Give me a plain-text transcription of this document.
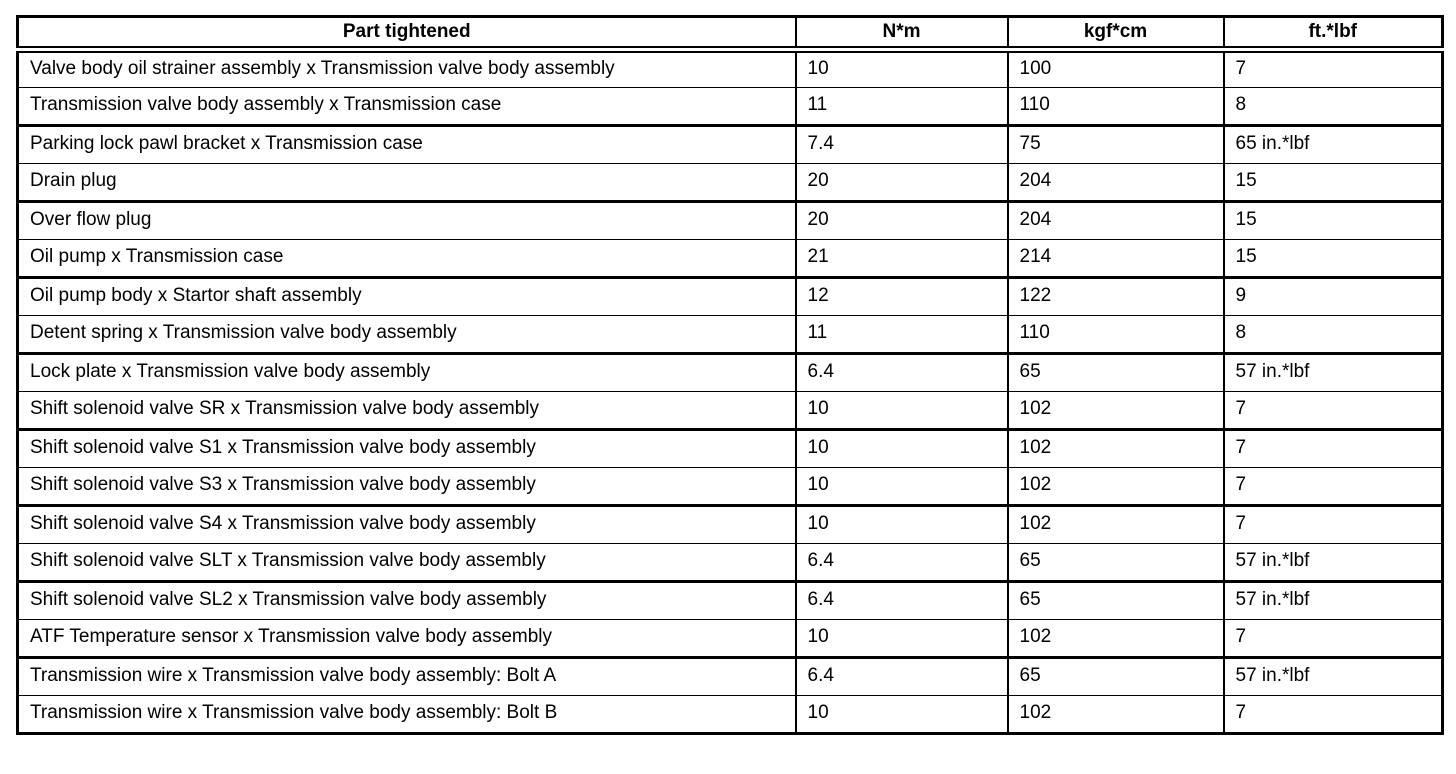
Part tightened	N*m	kgf*cm	ft.*lbf
Valve body oil strainer assembly x Transmission valve body assembly	10	100	7
Transmission valve body assembly x Transmission case	11	110	8
Parking lock pawl bracket x Transmission case	7.4	75	65 in.*lbf
Drain plug	20	204	15
Over flow plug	20	204	15
Oil pump x Transmission case	21	214	15
Oil pump body x Startor shaft assembly	12	122	9
Detent spring x Transmission valve body assembly	11	110	8
Lock plate x Transmission valve body assembly	6.4	65	57 in.*lbf
Shift solenoid valve SR x Transmission valve body assembly	10	102	7
Shift solenoid valve S1 x Transmission valve body assembly	10	102	7
Shift solenoid valve S3 x Transmission valve body assembly	10	102	7
Shift solenoid valve S4 x Transmission valve body assembly	10	102	7
Shift solenoid valve SLT x Transmission valve body assembly	6.4	65	57 in.*lbf
Shift solenoid valve SL2 x Transmission valve body assembly	6.4	65	57 in.*lbf
ATF Temperature sensor x Transmission valve body assembly	10	102	7
Transmission wire x Transmission valve body assembly: Bolt A	6.4	65	57 in.*lbf
Transmission wire x Transmission valve body assembly: Bolt B	10	102	7
